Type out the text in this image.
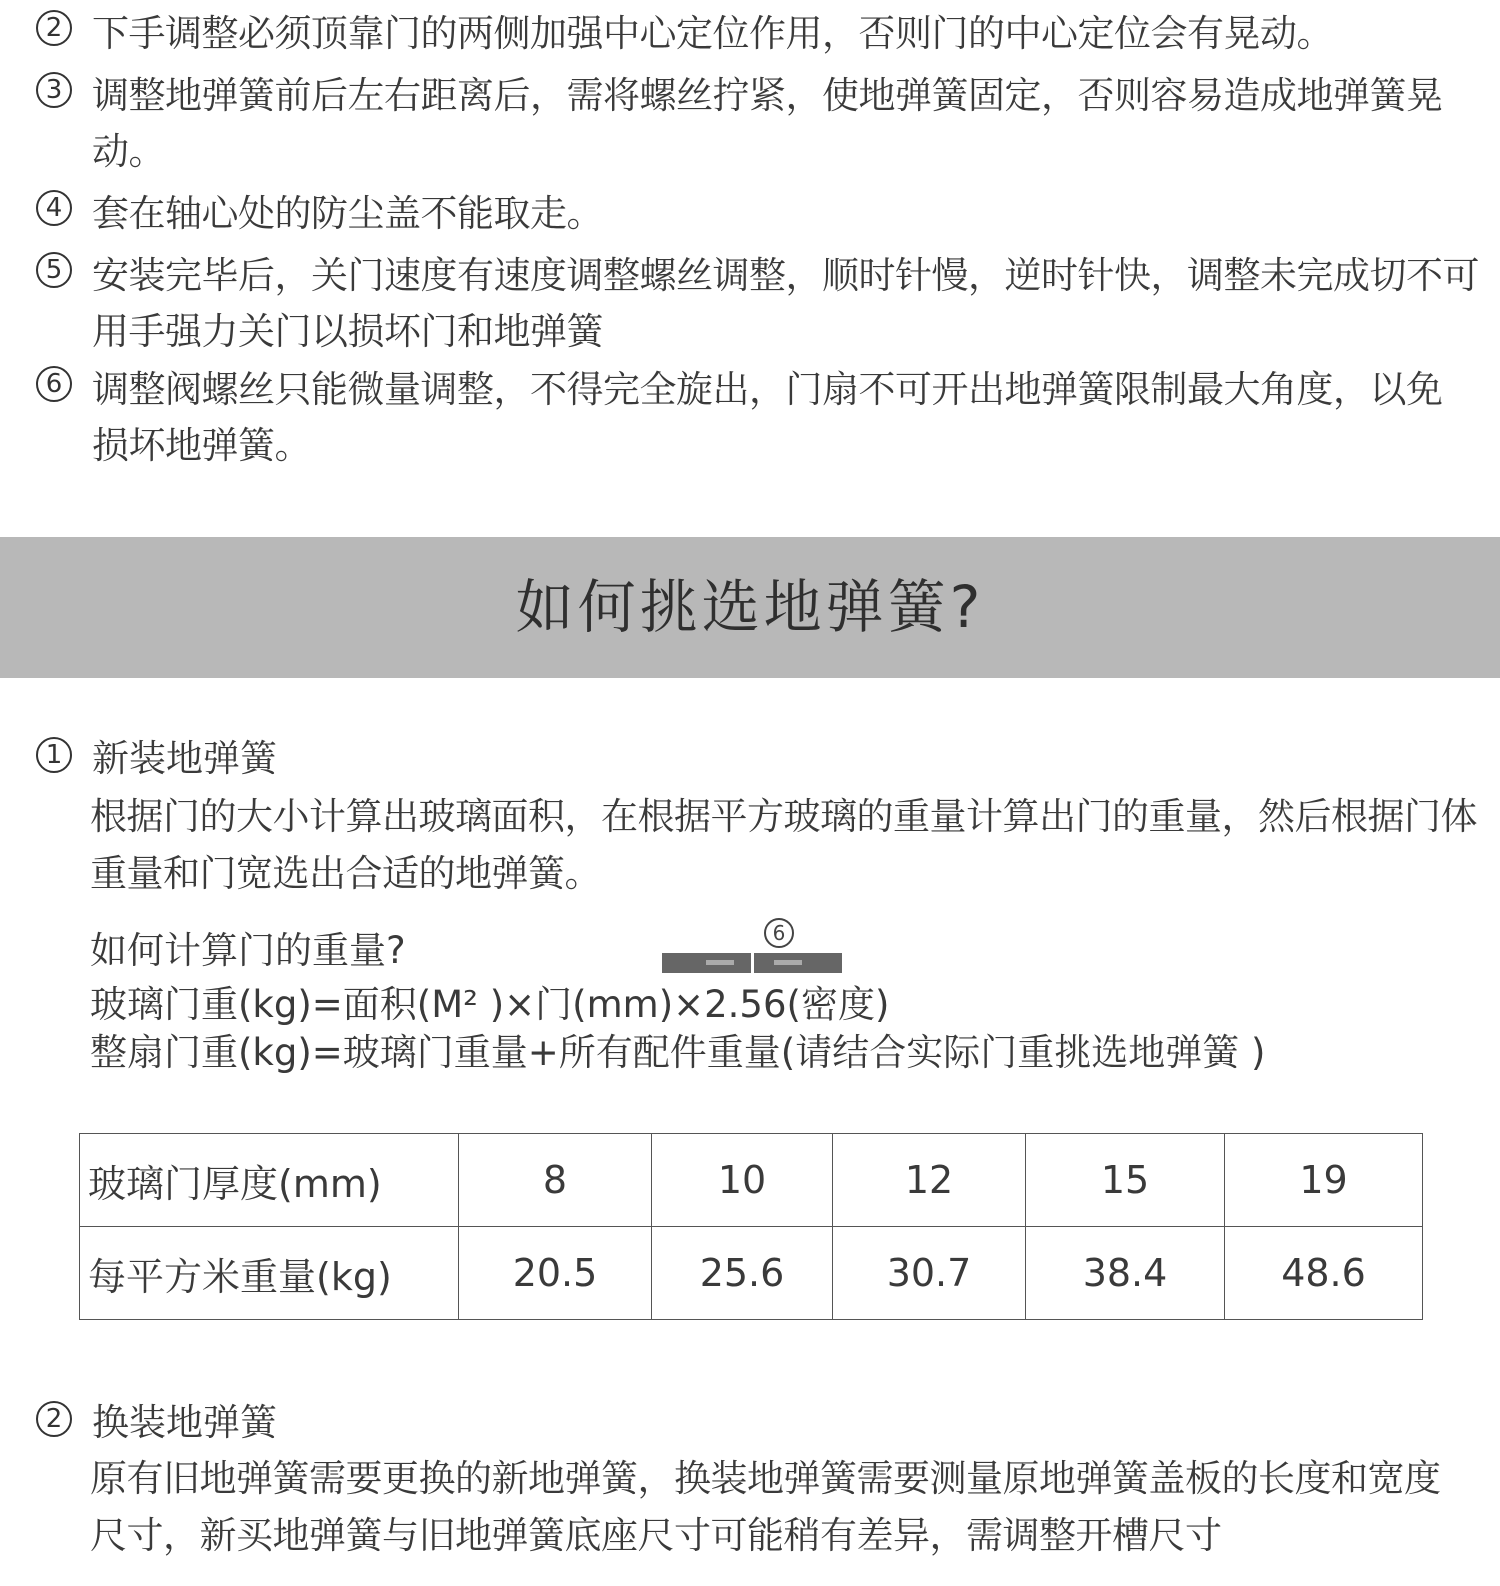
2 下手调整必须顶靠门的两侧加强中心定位作用，否则门的中心定位会有晃动。
3 调整地弹簧前后左右距离后，需将螺丝拧紧，使地弹簧固定，否则容易造成地弹簧晃动。
4 套在轴心处的防尘盖不能取走。
5 安装完毕后，关门速度有速度调整螺丝调整，顺时针慢，逆时针快，调整未完成切不可用手强力关门以损坏门和地弹簧
6 调整阀螺丝只能微量调整，不得完全旋出，门扇不可开出地弹簧限制最大角度，以免损坏地弹簧。
如何挑选地弹簧?
1 新装地弹簧
根据门的大小计算出玻璃面积，在根据平方玻璃的重量计算出门的重量，然后根据门体重量和门宽选出合适的地弹簧。
如何计算门的重量?	6
玻璃门重(kg)=面积(M² )×门(mm)×2.56(密度)
整扇门重(kg)=玻璃门重量+所有配件重量(请结合实际门重挑选地弹簧 )
玻璃门厚度(mm)	8	10	12	15	19
每平方米重量(kg)	20.5	25.6	30.7	38.4	48.6
2 换装地弹簧
原有旧地弹簧需要更换的新地弹簧，换装地弹簧需要测量原地弹簧盖板的长度和宽度尺寸，新买地弹簧与旧地弹簧底座尺寸可能稍有差异，需调整开槽尺寸
